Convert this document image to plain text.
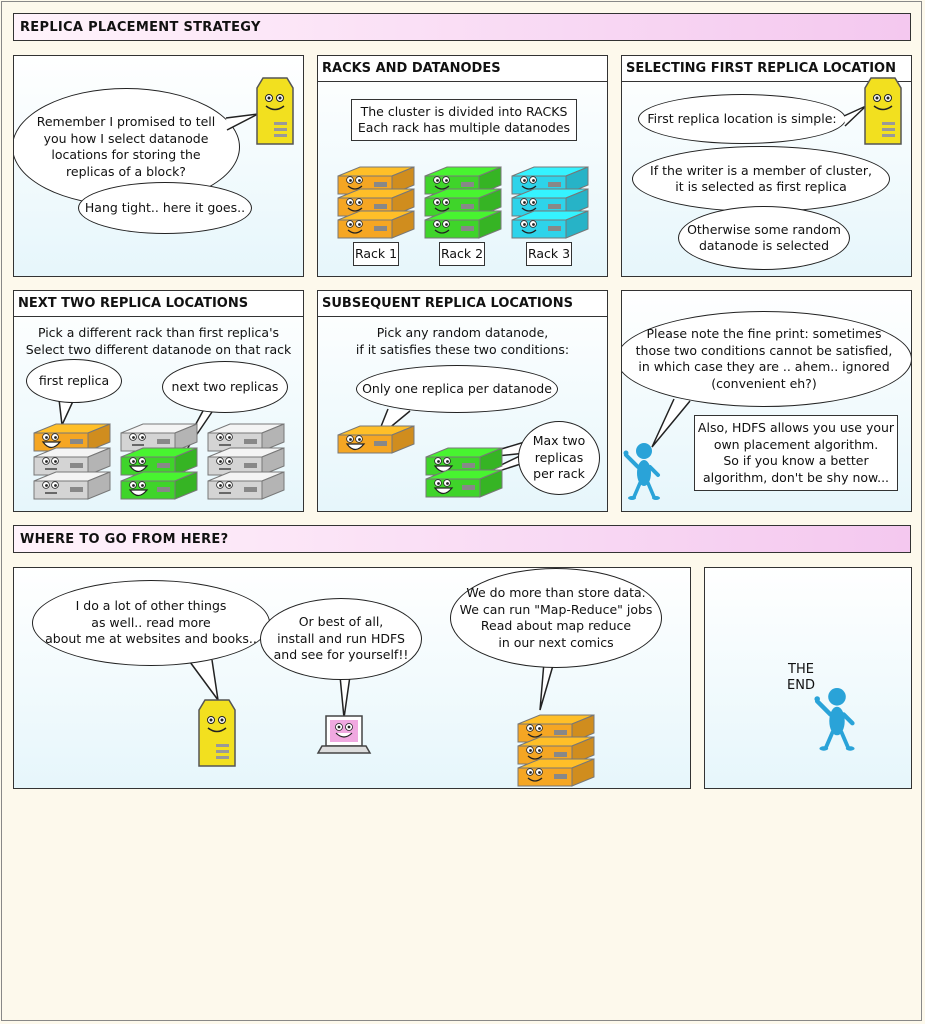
REPLICA PLACEMENT STRATEGY
Remember I promised to tell
you how I select datanode
locations for storing the
replicas of a block?
Hang tight.. here it goes..
RACKS AND DATANODES
The cluster is divided into RACKS
Each rack has multiple datanodes
Rack 1	Rack 2	Rack 3
SELECTING FIRST REPLICA LOCATION
First replica location is simple:
If the writer is a member of cluster,
it is selected as first replica
Otherwise some random
datanode is selected
NEXT TWO REPLICA LOCATIONS
Pick a different rack than first replica's
Select two different datanode on that rack
first replica	next two replicas
SUBSEQUENT REPLICA LOCATIONS
Pick any random datanode,
if it satisfies these two conditions:
Only one replica per datanode
Max two
replicas
per rack
Please note the fine print: sometimes
those two conditions cannot be satisfied,
in which case they are .. ahem.. ignored
(convenient eh?)
Also, HDFS allows you use your
own placement algorithm.
So if you know a better
algorithm, don't be shy now...
WHERE TO GO FROM HERE?
I do a lot of other things
as well.. read more
about me at websites and books..
Or best of all,
install and run HDFS
and see for yourself!!
We do more than store data.
We can run "Map-Reduce" jobs
Read about map reduce
in our next comics
THE
END
